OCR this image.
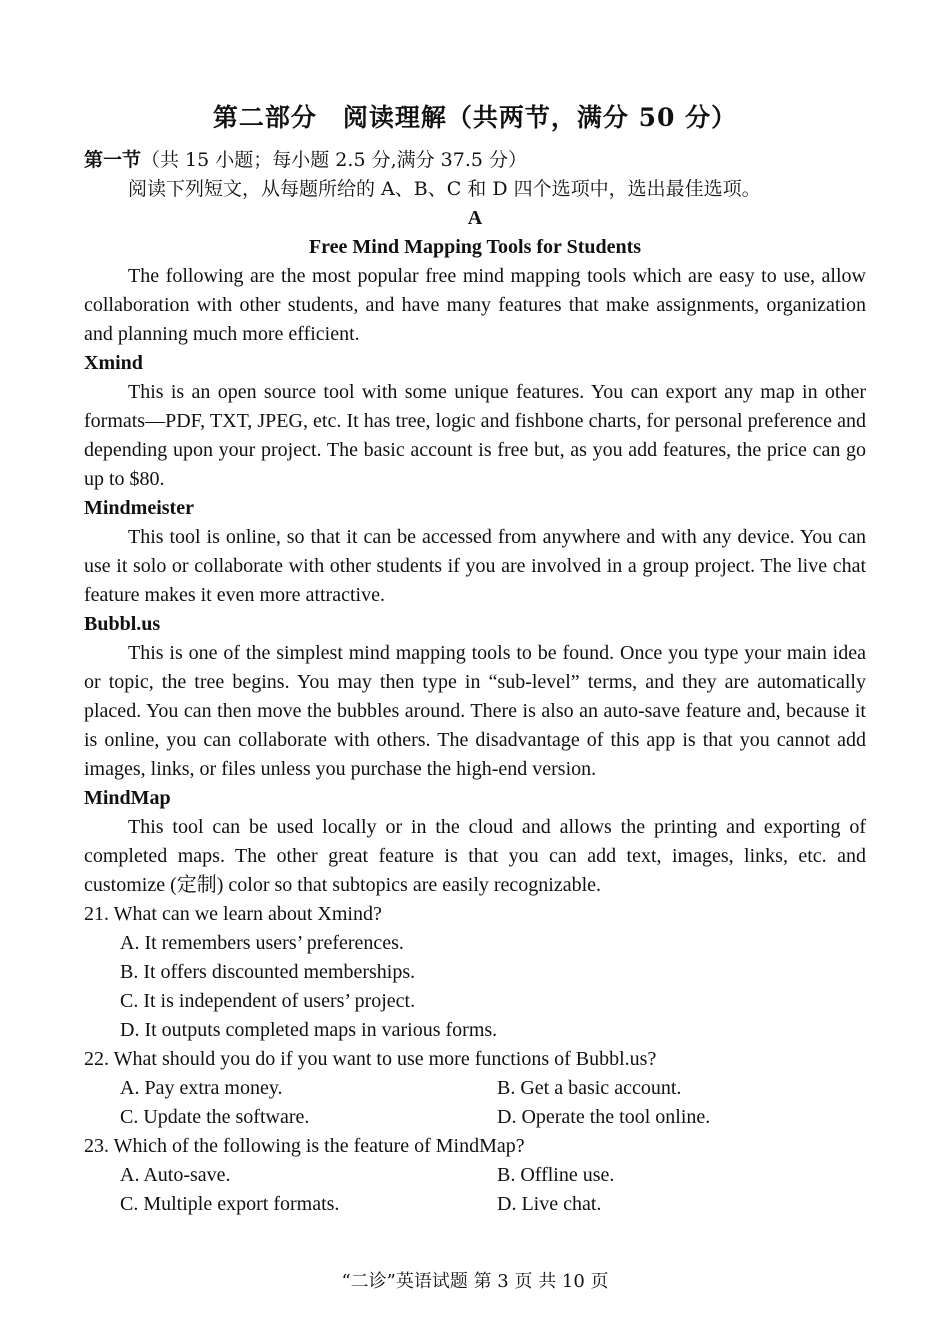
第二部分　阅读理解（共两节，满分 50 分）
第一节（共 15 小题；每小题 2.5 分,满分 37.5 分）
阅读下列短文，从每题所给的 A、B、C 和 D 四个选项中，选出最佳选项。
A
Free Mind Mapping Tools for Students

The following are the most popular free mind mapping tools which are easy to use, allow collaboration with other students, and have many features that make assignments, organization and planning much more efficient.

Xmind

This is an open source tool with some unique features. You can export any map in other formats—PDF, TXT, JPEG, etc. It has tree, logic and fishbone charts, for personal preference and depending upon your project. The basic account is free but, as you add features, the price can go up to $80.

Mindmeister

This tool is online, so that it can be accessed from anywhere and with any device. You can use it solo or collaborate with other students if you are involved in a group project. The live chat feature makes it even more attractive.

Bubbl.us

This is one of the simplest mind mapping tools to be found. Once you type your main idea or topic, the tree begins. You may then type in “sub-level” terms, and they are automatically placed. You can then move the bubbles around. There is also an auto-save feature and, because it is online, you can collaborate with others. The disadvantage of this app is that you cannot add images, links, or files unless you purchase the high-end version.

MindMap

This tool can be used locally or in the cloud and allows the printing and exporting of completed maps. The other great feature is that you can add text, images, links, etc. and customize (定制) color so that subtopics are easily recognizable.

21. What can we learn about Xmind?
A. It remembers users’ preferences.
B. It offers discounted memberships.
C. It is independent of users’ project.
D. It outputs completed maps in various forms.
22. What should you do if you want to use more functions of Bubbl.us?
A. Pay extra money.	B. Get a basic account.
C. Update the software.	D. Operate the tool online.
23. Which of the following is the feature of MindMap?
A. Auto-save.	B. Offline use.
C. Multiple export formats.	D. Live chat.
“二诊”英语试题 第 3 页 共 10 页
